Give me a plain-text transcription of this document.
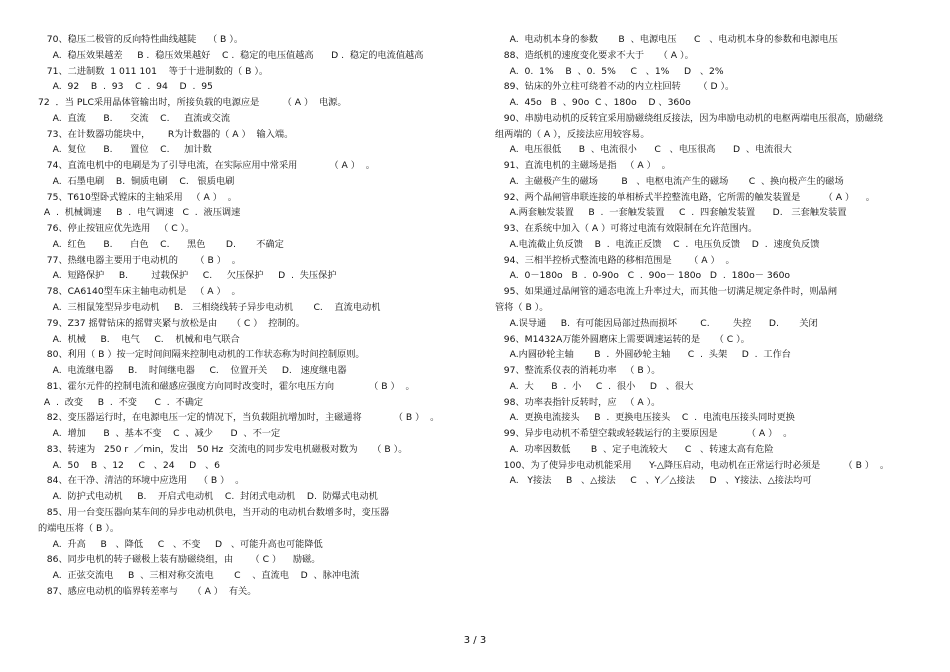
70、稳压二极管的反向特性曲线越陡    （ B ）。
A.  稳压效果越差     B .  稳压效果越好    C .  稳定的电压值越高      D .  稳定的电流值越高
71、二进制数  1 011 101    等于十进制数的（ B ）。
A.  92    B  .  93    C  .  94    D  .  95
72  ．当 PLC采用晶体管输出时，所接负载的电源应是        （ A ）  电源。
A.  直流      B.      交流    C.     直流或交流
73、在计数器功能块中，      R为计数器的（ A ）  输入端。
A.  复位      B.      置位    C.     加计数
74、直流电机中的电刷是为了引导电流，在实际应用中常采用           （ A ）  。
A.  石墨电刷    B.  铜质电刷    C.   银质电刷
75、T610型卧式镗床的主轴采用   （ A ）  。
A  .  机械调速     B  .  电气调速   C  .  液压调速
76、停止按钮应优先选用   （ C ）。
A.  红色      B.      白色    C.      黑色       D.       不确定
77、热继电器主要用于电动机的      （ B ）  。
A.  短路保护     B.        过载保护     C.     欠压保护     D  .  失压保护
78、CA6140型车床主轴电动机是   （ A ）  。
A.  三相鼠笼型异步电动机     B.   三相绕线转子异步电动机       C.    直流电动机
79、Z37 摇臂钻床的摇臂夹紧与放松是由     （ C ）  控制的。
A.  机械     B.    电气     C.    机械和电气联合
80、利用（ B ）按一定时间间隔来控制电动机的工作状态称为时间控制原则。
A.  电流继电器     B.    时间继电器     C.    位置开关     D.   速度继电器
81、霍尔元件的控制电流和磁感应强度方向同时改变时，霍尔电压方向            （ B ）  。
A  .  改变     B  .  不变      C  .  不确定
82、变压器运行时，在电源电压一定的情况下，当负载阻抗增加时，主磁通将           （ B ）  。
A.  增加      B  、基本不变    C  、减少      D  、不一定
83、转速为   250 r  ／min，发出   50 Hz  交流电的同步发电机磁极对数为     （ B ）。
A.  50    B  、12     C   、24     D   、6
84、在干净、清洁的环境中应选用    （ B ）  。
A.  防护式电动机     B.    开启式电动机    C.  封闭式电动机    D.  防爆式电动机
85、用一台变压器向某车间的异步电动机供电，当开动的电动机台数增多时，变压器
的端电压将（ B ）。
A.  升高     B   、降低     C   、不变     D   、可能升高也可能降低
86、同步电机的转子磁极上装有励磁绕组，由      （ C ）    励磁。
A.  正弦交流电     B  、三相对称交流电       C    、直流电    D  、脉冲电流
87、感应电动机的临界转差率与     （ A ）  有关。
A.  电动机本身的参数       B  、电源电压      C   、电动机本身的参数和电源电压
88、造纸机的速度变化要求不大于     （ A ）。
A.  0.  1%    B  、0.  5%     C   、1%     D   、2%
89、钻床的外立柱可绕着不动的内立柱回转      （ D ）。
A.  45o   B  、90o  C 、180o    D 、360o
90、串励电动机的反转宜采用励磁绕组反接法，因为串励电动机的电枢两端电压很高，励磁绕
组两端的（ A ），反接法应用较容易。
A.  电压很低      B  、电流很小      C   、电压很高      D  、电流很大
91、直流电机的主磁场是指   （ A ）  。
A.  主磁极产生的磁场        B   、电枢电流产生的磁场       C  、换向极产生的磁场
92、两个晶闸管串联连接的单相桥式半控整流电路，它所需的触发装置是        （ A ）    。
A.两套触发装置     B  .  一套触发装置     C  .  四套触发装置      D.   三套触发装置
93、在系统中加入（ A ）可将过电流有效限制在允许范围内。
A.电流截止负反馈    B  .  电流正反馈    C  .  电压负反馈    D  .  速度负反馈
94、三相半控桥式整流电路的移相范围是      （ A ）  。
A.  0－180o   B  .  0-90o   C  .  90o－ 180o   D  .  180o－ 360o
95、如果通过晶闸管的通态电流上升率过大，而其他一切满足规定条件时，则晶闸
管将（ B ）。
A.误导通     B.  有可能因局部过热而损坏        C.        失控      D.       关闭
96、M1432A万能外圆磨床上需要调速运转的是     （ C ）。
A.内圆砂轮主轴       B  .  外圆砂轮主轴      C  .  头架     D  .  工作台
97、整流系仪表的消耗功率   （ B ）。
A.  大      B  .  小     C  .  很小     D   、很大
98、功率表指针反转时，应   （ A ）。
A.  更换电流接头     B  .  更换电压接头    C  .  电流电压接头同时更换
99、异步电动机不希望空载或轻载运行的主要原因是          （ A ）  。
A.  功率因数低       B  、定子电流较大      C   、转速太高有危险
100、为了使异步电动机能采用      Y-△降压启动，电动机在正常运行时必须是        （ B ）  。
A.   Y接法     B   、△接法     C   、Y／△接法     D   、Y接法、△接法均可
3 / 3
